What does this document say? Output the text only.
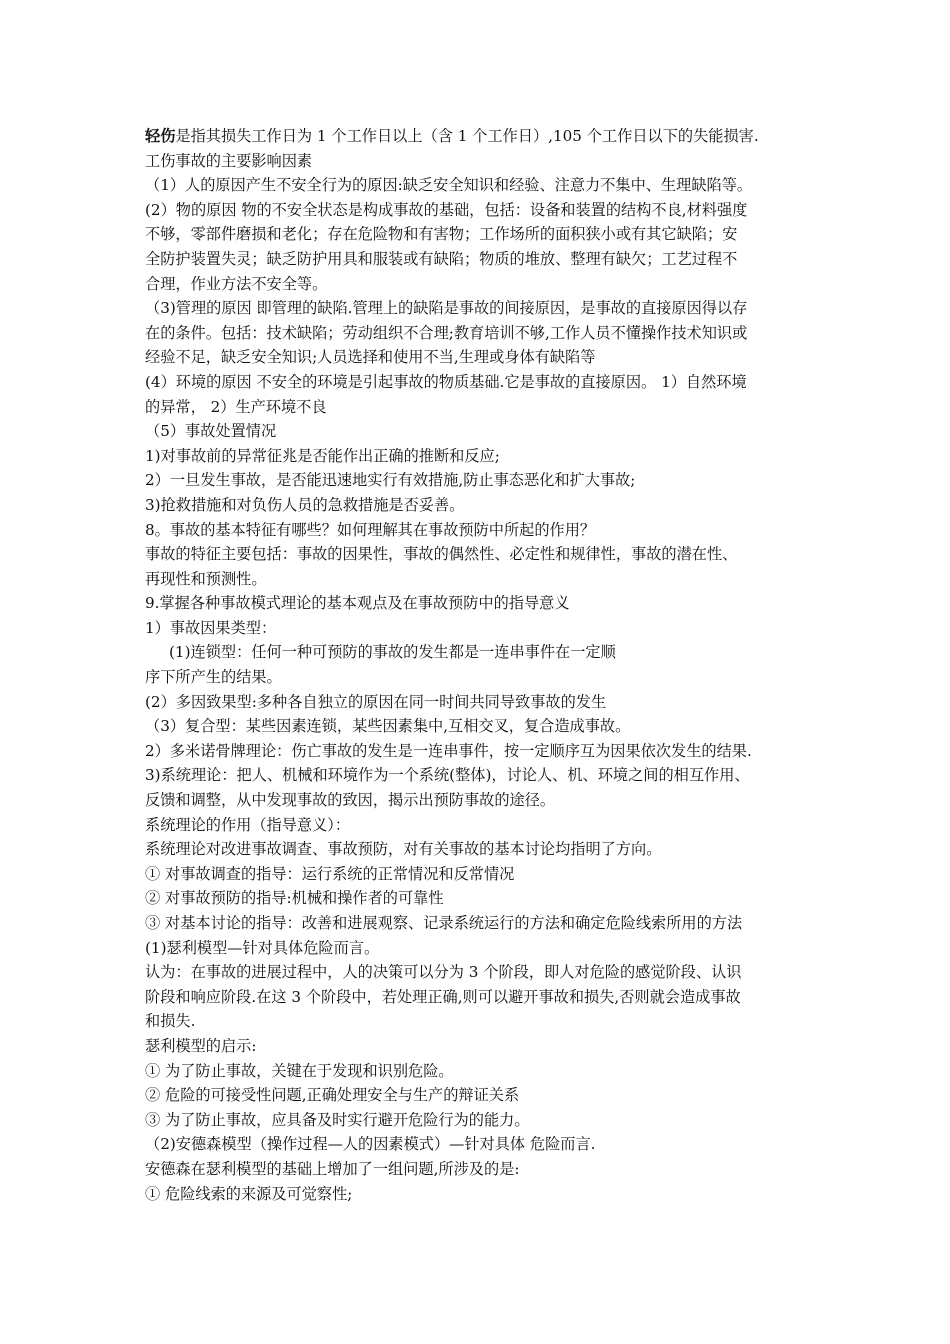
轻伤是指其损失工作日为 1 个工作日以上（含 1 个工作日）,105 个工作日以下的失能损害.
工伤事故的主要影响因素
（1）人的原因产生不安全行为的原因:缺乏安全知识和经验、注意力不集中、生理缺陷等。
(2）物的原因 物的不安全状态是构成事故的基础，包括：设备和装置的结构不良,材料强度
不够，零部件磨损和老化；存在危险物和有害物；工作场所的面积狭小或有其它缺陷；安
全防护装置失灵；缺乏防护用具和服装或有缺陷；物质的堆放、整理有缺欠；工艺过程不
合理，作业方法不安全等。
（3)管理的原因 即管理的缺陷.管理上的缺陷是事故的间接原因，是事故的直接原因得以存
在的条件。包括：技术缺陷；劳动组织不合理;教育培训不够,工作人员不懂操作技术知识或
经验不足，缺乏安全知识;人员选择和使用不当,生理或身体有缺陷等
(4）环境的原因 不安全的环境是引起事故的物质基础.它是事故的直接原因。 1）自然环境
的异常， 2）生产环境不良
（5）事故处置情况
1)对事故前的异常征兆是否能作出正确的推断和反应;
2）一旦发生事故，是否能迅速地实行有效措施,防止事态恶化和扩大事故;
3)抢救措施和对负伤人员的急救措施是否妥善。
8。事故的基本特征有哪些？如何理解其在事故预防中所起的作用？
事故的特征主要包括：事故的因果性，事故的偶然性、必定性和规律性，事故的潜在性、
再现性和预测性。
9.掌握各种事故模式理论的基本观点及在事故预防中的指导意义
1）事故因果类型：
(1)连锁型：任何一种可预防的事故的发生都是一连串事件在一定顺
序下所产生的结果。
(2）多因致果型:多种各自独立的原因在同一时间共同导致事故的发生
（3）复合型：某些因素连锁，某些因素集中,互相交叉，复合造成事故。
2）多米诺骨牌理论：伤亡事故的发生是一连串事件，按一定顺序互为因果依次发生的结果.
3)系统理论：把人、机械和环境作为一个系统(整体)，讨论人、机、环境之间的相互作用、
反馈和调整，从中发现事故的致因，揭示出预防事故的途径。
系统理论的作用（指导意义）：
系统理论对改进事故调查、事故预防，对有关事故的基本讨论均指明了方向。
① 对事故调查的指导：运行系统的正常情况和反常情况
② 对事故预防的指导:机械和操作者的可靠性
③ 对基本讨论的指导：改善和进展观察、记录系统运行的方法和确定危险线索所用的方法
(1)瑟利模型—针对具体危险而言。
认为：在事故的进展过程中，人的决策可以分为 3 个阶段，即人对危险的感觉阶段、认识
阶段和响应阶段.在这 3 个阶段中，若处理正确,则可以避开事故和损失,否则就会造成事故
和损失.
瑟利模型的启示:
① 为了防止事故，关键在于发现和识别危险。
② 危险的可接受性问题,正确处理安全与生产的辩证关系
③ 为了防止事故，应具备及时实行避开危险行为的能力。
（2)安德森模型（操作过程—人的因素模式）—针对具体 危险而言.
安德森在瑟利模型的基础上增加了一组问题,所涉及的是:
① 危险线索的来源及可觉察性;
